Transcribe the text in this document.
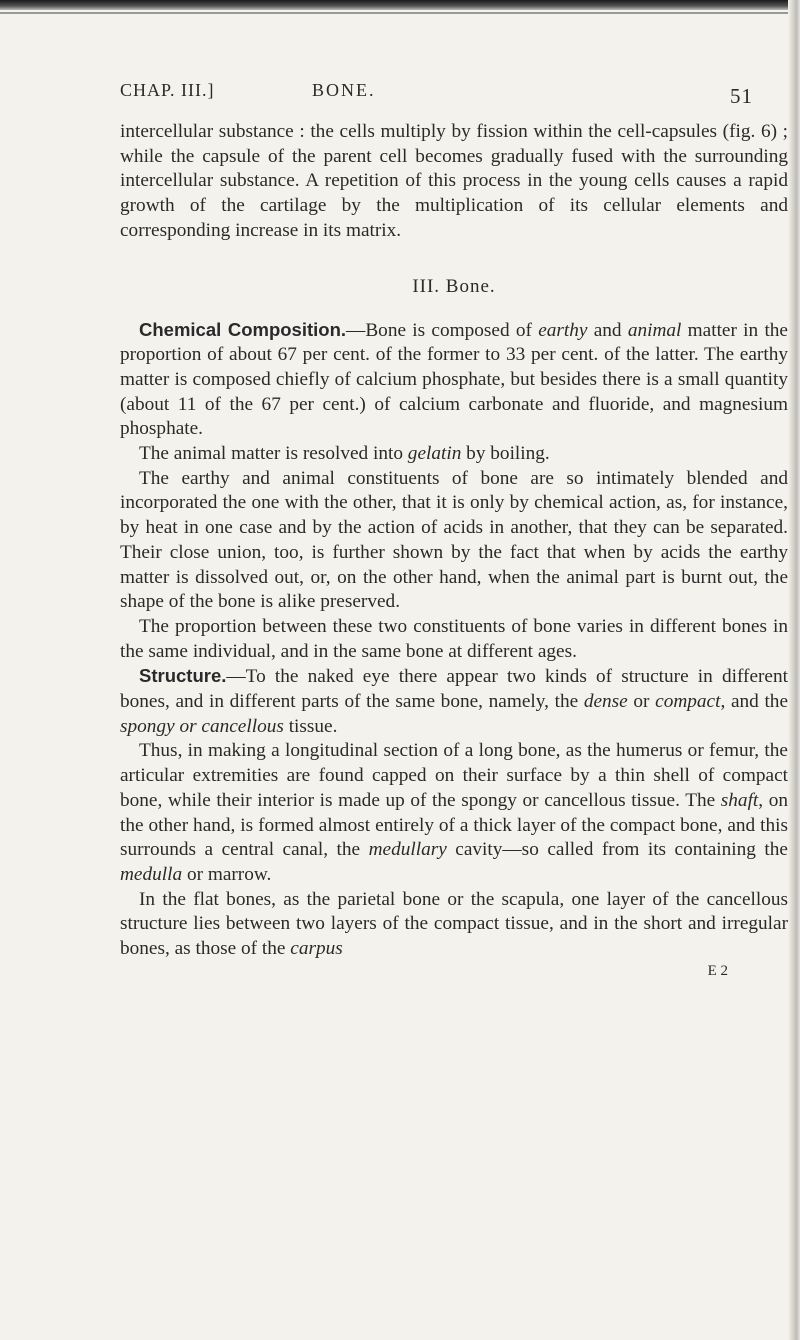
CHAP. III.]	BONE.	51

intercellular substance : the cells multiply by fission within the cell-capsules (fig. 6) ; while the capsule of the parent cell becomes gradually fused with the surrounding intercellular substance. A repetition of this process in the young cells causes a rapid growth of the cartilage by the multiplication of its cellular elements and corresponding increase in its matrix.

III. Bone.

Chemical Composition.—Bone is composed of earthy and animal matter in the proportion of about 67 per cent. of the former to 33 per cent. of the latter. The earthy matter is composed chiefly of calcium phosphate, but besides there is a small quantity (about 11 of the 67 per cent.) of calcium carbonate and fluoride, and magnesium phosphate.

The animal matter is resolved into gelatin by boiling.

The earthy and animal constituents of bone are so intimately blended and incorporated the one with the other, that it is only by chemical action, as, for instance, by heat in one case and by the action of acids in another, that they can be separated. Their close union, too, is further shown by the fact that when by acids the earthy matter is dissolved out, or, on the other hand, when the animal part is burnt out, the shape of the bone is alike preserved.

The proportion between these two constituents of bone varies in different bones in the same individual, and in the same bone at different ages.

Structure.—To the naked eye there appear two kinds of structure in different bones, and in different parts of the same bone, namely, the dense or compact, and the spongy or cancellous tissue.

Thus, in making a longitudinal section of a long bone, as the humerus or femur, the articular extremities are found capped on their surface by a thin shell of compact bone, while their interior is made up of the spongy or cancellous tissue. The shaft, on the other hand, is formed almost entirely of a thick layer of the compact bone, and this surrounds a central canal, the medullary cavity—so called from its containing the medulla or marrow.

In the flat bones, as the parietal bone or the scapula, one layer of the cancellous structure lies between two layers of the compact tissue, and in the short and irregular bones, as those of the carpus

E 2
